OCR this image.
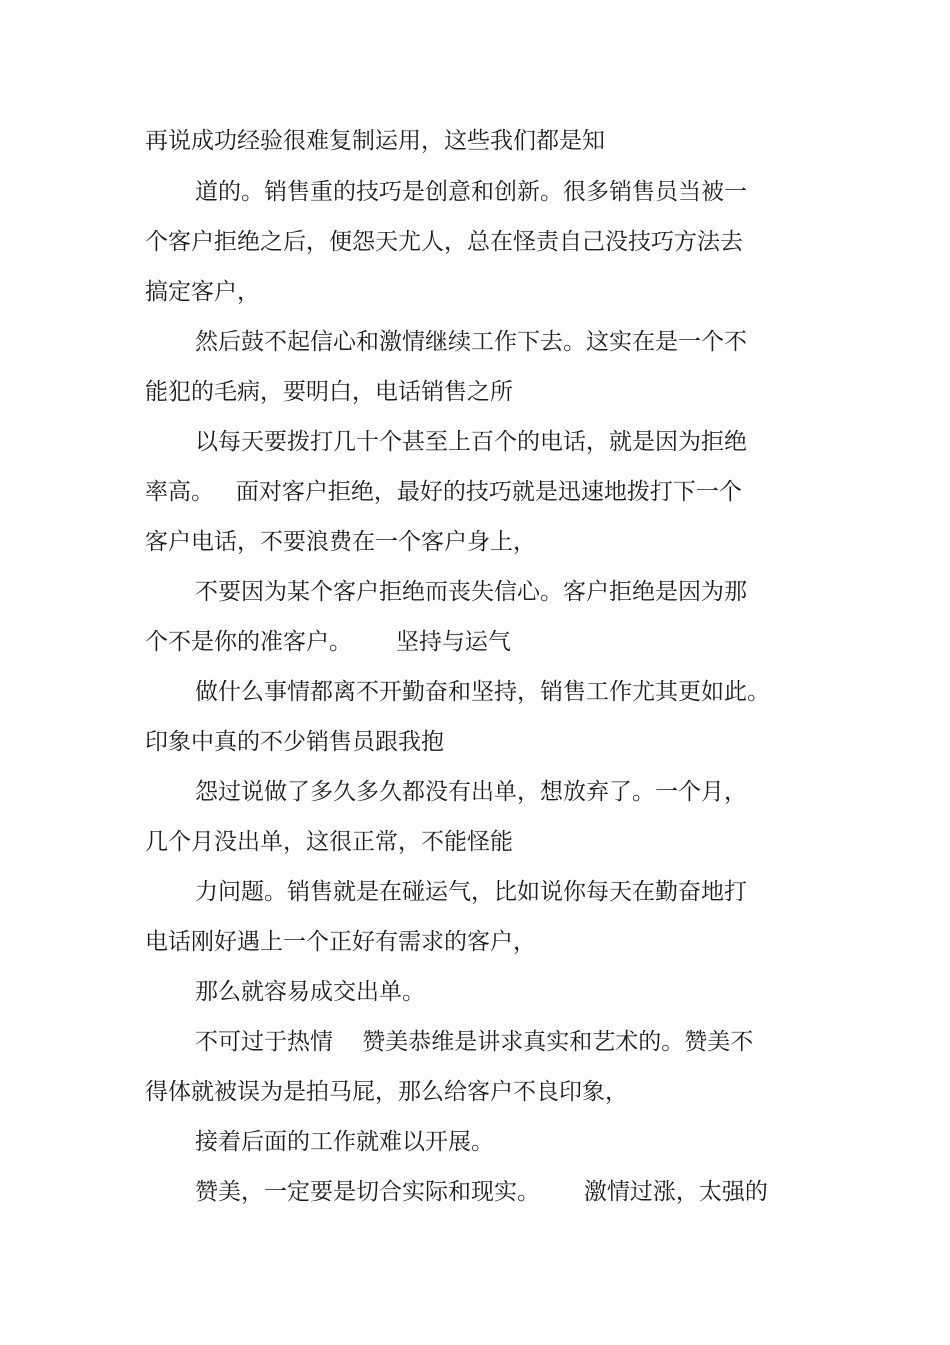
再说成功经验很难复制运用，这些我们都是知
道的。销售重的技巧是创意和创新。很多销售员当被一
个客户拒绝之后，便怨天尤人，总在怪责自己没技巧方法去
搞定客户，
然后鼓不起信心和激情继续工作下去。这实在是一个不
能犯的毛病，要明白，电话销售之所
以每天要拨打几十个甚至上百个的电话，就是因为拒绝
率高。   面对客户拒绝，最好的技巧就是迅速地拨打下一个
客户电话，不要浪费在一个客户身上，
不要因为某个客户拒绝而丧失信心。客户拒绝是因为那
个不是你的准客户。      坚持与运气
做什么事情都离不开勤奋和坚持，销售工作尤其更如此。
印象中真的不少销售员跟我抱
怨过说做了多久多久都没有出单，想放弃了。一个月，
几个月没出单，这很正常，不能怪能
力问题。销售就是在碰运气，比如说你每天在勤奋地打
电话刚好遇上一个正好有需求的客户，
那么就容易成交出单。
不可过于热情    赞美恭维是讲求真实和艺术的。赞美不
得体就被误为是拍马屁，那么给客户不良印象，
接着后面的工作就难以开展。
赞美，一定要是切合实际和现实。      激情过涨，太强的
